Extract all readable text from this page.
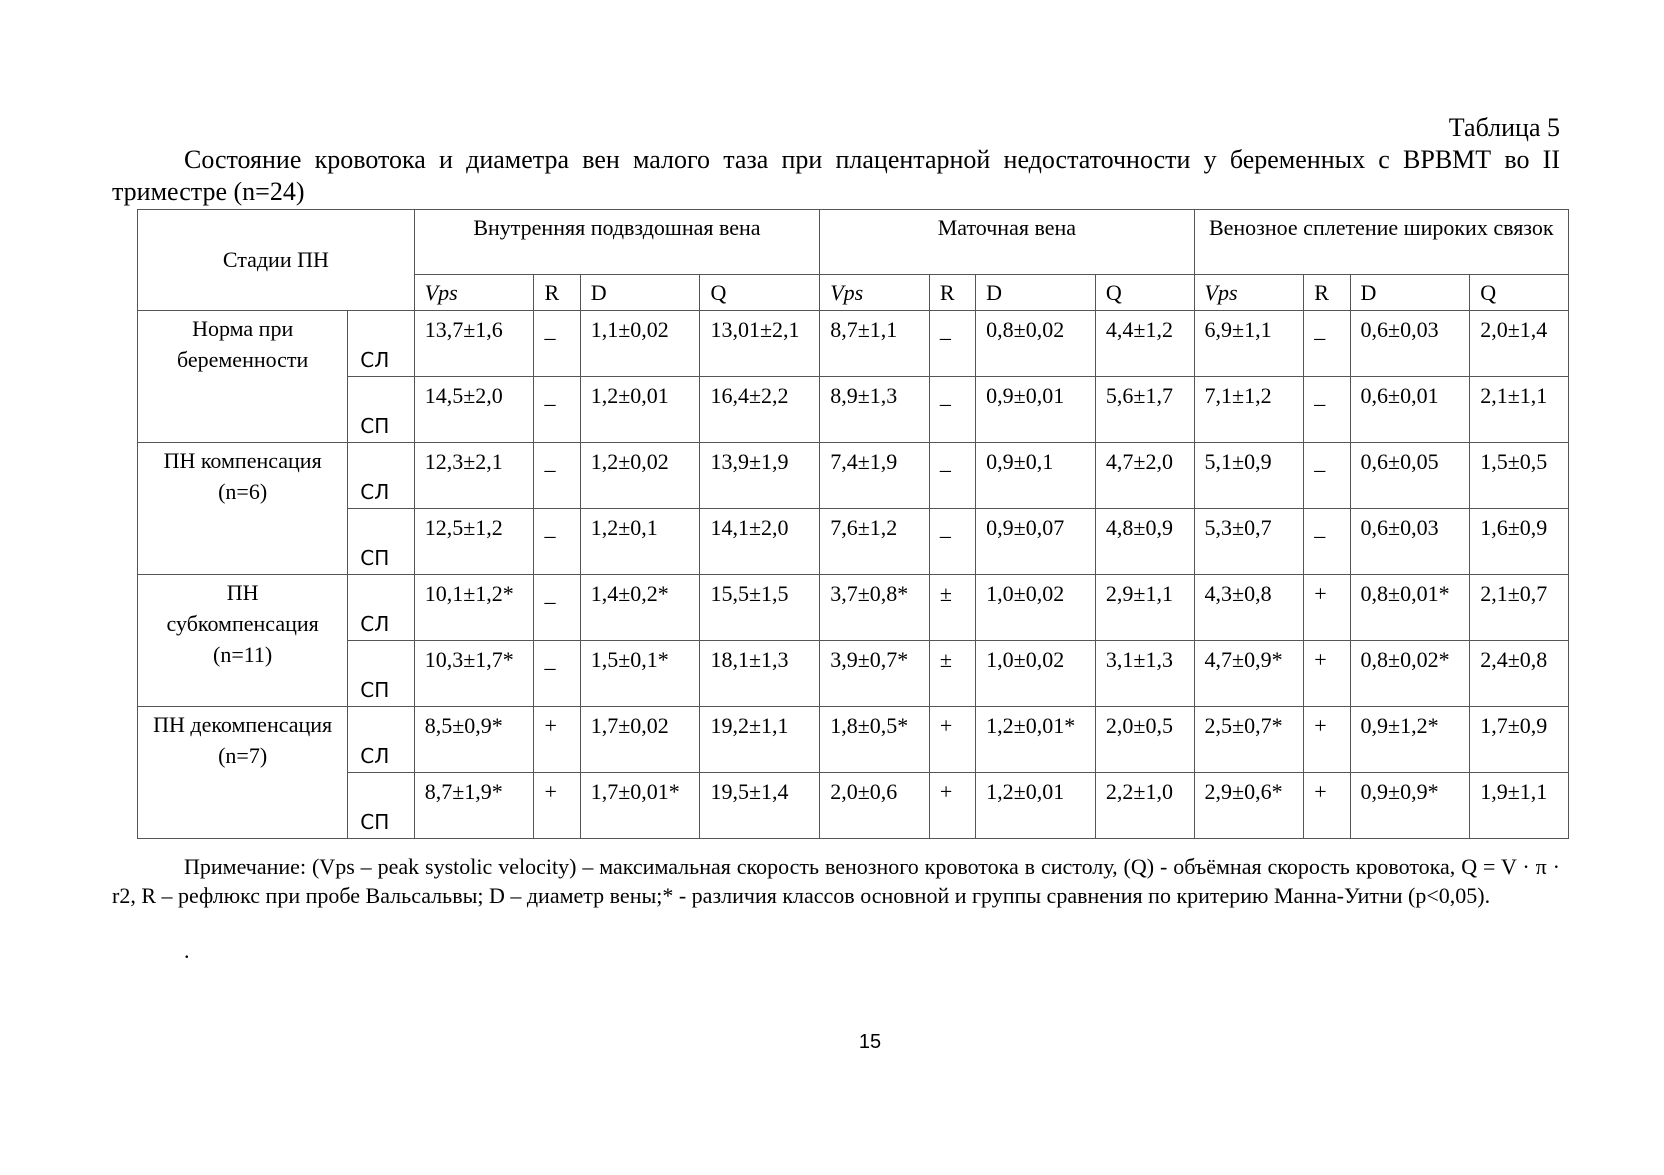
Таблица 5
Состояние кровотока и диаметра вен малого таза при плацентарной недостаточности у беременных с ВРВМТ во II триместре (n=24)
Стадии ПН		Внутренняя подвздошная вена				Маточная вена				Венозное сплетение широких связок			
		Vps	R	D	Q	Vps	R	D	Q	Vps	R	D	Q
Норма при беременности	СЛ	13,7±1,6	_	1,1±0,02	13,01±2,1	8,7±1,1	_	0,8±0,02	4,4±1,2	6,9±1,1	_	0,6±0,03	2,0±1,4
	СП	14,5±2,0	_	1,2±0,01	16,4±2,2	8,9±1,3	_	0,9±0,01	5,6±1,7	7,1±1,2	_	0,6±0,01	2,1±1,1
ПН компенсация (n=6)	СЛ	12,3±2,1	_	1,2±0,02	13,9±1,9	7,4±1,9	_	0,9±0,1	4,7±2,0	5,1±0,9	_	0,6±0,05	1,5±0,5
	СП	12,5±1,2	_	1,2±0,1	14,1±2,0	7,6±1,2	_	0,9±0,07	4,8±0,9	5,3±0,7	_	0,6±0,03	1,6±0,9
ПН субкомпенсация (n=11)	СЛ	10,1±1,2*	_	1,4±0,2*	15,5±1,5	3,7±0,8*	±	1,0±0,02	2,9±1,1	4,3±0,8	+	0,8±0,01*	2,1±0,7
	СП	10,3±1,7*	_	1,5±0,1*	18,1±1,3	3,9±0,7*	±	1,0±0,02	3,1±1,3	4,7±0,9*	+	0,8±0,02*	2,4±0,8
ПН декомпенсация (n=7)	СЛ	8,5±0,9*	+	1,7±0,02	19,2±1,1	1,8±0,5*	+	1,2±0,01*	2,0±0,5	2,5±0,7*	+	0,9±1,2*	1,7±0,9
	СП	8,7±1,9*	+	1,7±0,01*	19,5±1,4	2,0±0,6	+	1,2±0,01	2,2±1,0	2,9±0,6*	+	0,9±0,9*	1,9±1,1
Примечание: (Vps – peak systolic velocity) – максимальная скорость венозного кровотока в систолу, (Q) - объёмная скорость кровотока, Q = V · π · r2, R – рефлюкс при пробе Вальсальвы; D – диаметр вены;* - различия классов основной и группы сравнения по критерию Манна-Уитни (p<0,05).
.
15
